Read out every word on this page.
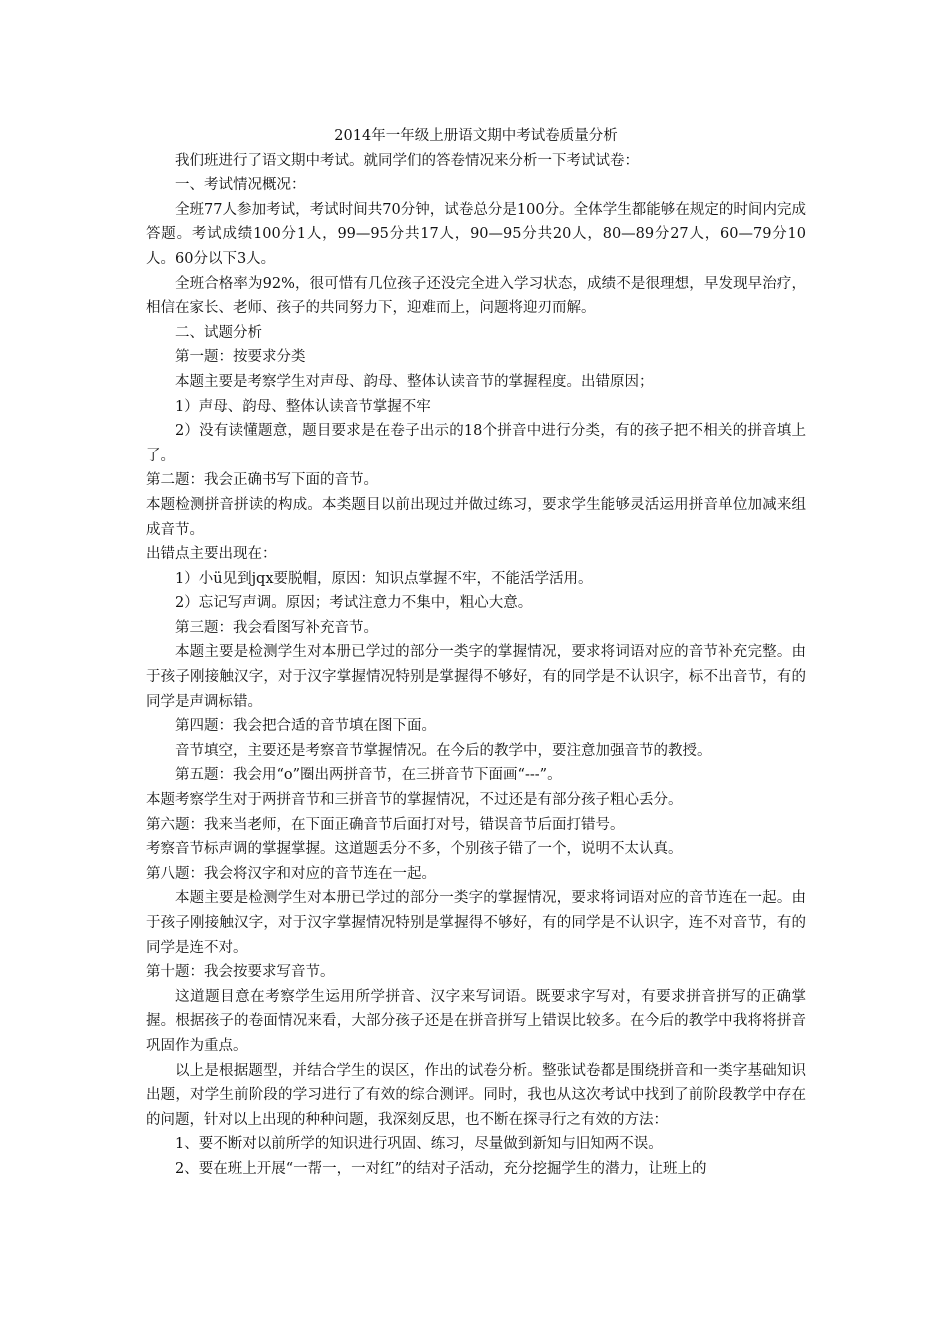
2014年一年级上册语文期中考试卷质量分析

我们班进行了语文期中考试。就同学们的答卷情况来分析一下考试试卷：

一、考试情况概况：

全班77人参加考试，考试时间共70分钟，试卷总分是100分。全体学生都能够在规定的时间内完成答题。考试成绩100分1人，99—95分共17人，90—95分共20人，80—89分27人，60—79分10人。60分以下3人。

全班合格率为92%，很可惜有几位孩子还没完全进入学习状态，成绩不是很理想，早发现早治疗，相信在家长、老师、孩子的共同努力下，迎难而上，问题将迎刃而解。

二、试题分析

第一题：按要求分类

本题主要是考察学生对声母、韵母、整体认读音节的掌握程度。出错原因；

1）声母、韵母、整体认读音节掌握不牢

2）没有读懂题意，题目要求是在卷子出示的18个拼音中进行分类，有的孩子把不相关的拼音填上了。

第二题：我会正确书写下面的音节。

本题检测拼音拼读的构成。本类题目以前出现过并做过练习，要求学生能够灵活运用拼音单位加减来组成音节。

出错点主要出现在：

1）小ü见到jqx要脱帽，原因：知识点掌握不牢，不能活学活用。

2）忘记写声调。原因；考试注意力不集中，粗心大意。

第三题：我会看图写补充音节。

本题主要是检测学生对本册已学过的部分一类字的掌握情况，要求将词语对应的音节补充完整。由于孩子刚接触汉字，对于汉字掌握情况特别是掌握得不够好，有的同学是不认识字，标不出音节，有的同学是声调标错。

第四题：我会把合适的音节填在图下面。

音节填空，主要还是考察音节掌握情况。在今后的教学中，要注意加强音节的教授。

第五题：我会用“o”圈出两拼音节，在三拼音节下面画“---”。

本题考察学生对于两拼音节和三拼音节的掌握情况，不过还是有部分孩子粗心丢分。

第六题：我来当老师，在下面正确音节后面打对号，错误音节后面打错号。

考察音节标声调的掌握掌握。这道题丢分不多，个别孩子错了一个，说明不太认真。

第八题：我会将汉字和对应的音节连在一起。

本题主要是检测学生对本册已学过的部分一类字的掌握情况，要求将词语对应的音节连在一起。由于孩子刚接触汉字，对于汉字掌握情况特别是掌握得不够好，有的同学是不认识字，连不对音节，有的同学是连不对。

第十题：我会按要求写音节。

这道题目意在考察学生运用所学拼音、汉字来写词语。既要求字写对，有要求拼音拼写的正确掌握。根据孩子的卷面情况来看，大部分孩子还是在拼音拼写上错误比较多。在今后的教学中我将将拼音巩固作为重点。

以上是根据题型，并结合学生的误区，作出的试卷分析。整张试卷都是围绕拼音和一类字基础知识出题，对学生前阶段的学习进行了有效的综合测评。同时，我也从这次考试中找到了前阶段教学中存在的问题，针对以上出现的种种问题，我深刻反思，也不断在探寻行之有效的方法：

1、要不断对以前所学的知识进行巩固、练习，尽量做到新知与旧知两不误。

2、要在班上开展“一帮一，一对红”的结对子活动，充分挖掘学生的潜力，让班上的
